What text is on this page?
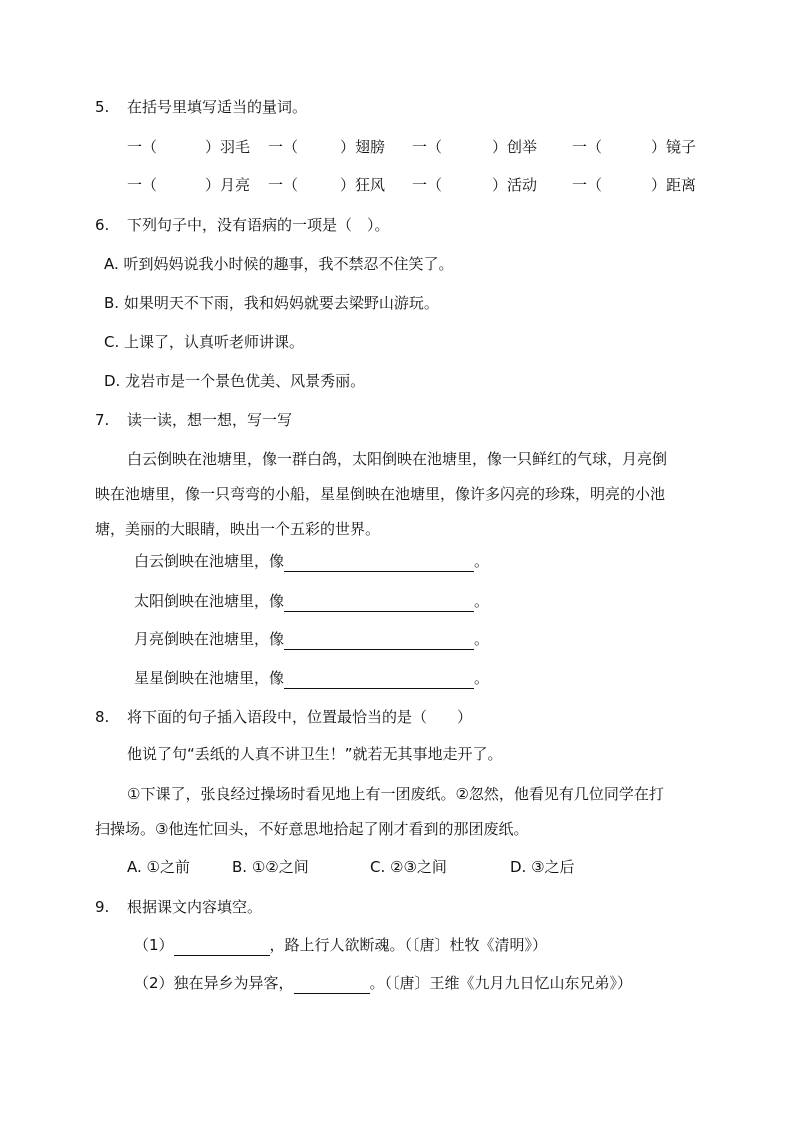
5. 在括号里填写适当的量词。
一（	）羽毛 一（	）翅膀 一（	）创举 一（	）镜子
一（	）月亮 一（	）狂风 一（	）活动 一（	）距离
6. 下列句子中，没有语病的一项是（　）。
A. 听到妈妈说我小时候的趣事，我不禁忍不住笑了。
B. 如果明天不下雨，我和妈妈就要去梁野山游玩。
C. 上课了，认真听老师讲课。
D. 龙岩市是一个景色优美、风景秀丽。
7. 读一读，想一想，写一写
白云倒映在池塘里，像一群白鸽，太阳倒映在池塘里，像一只鲜红的气球，月亮倒
映在池塘里，像一只弯弯的小船，星星倒映在池塘里，像许多闪亮的珍珠，明亮的小池
塘，美丽的大眼睛，映出一个五彩的世界。
白云倒映在池塘里，像	。
太阳倒映在池塘里，像	。
月亮倒映在池塘里，像	。
星星倒映在池塘里，像	。
8. 将下面的句子插入语段中，位置最恰当的是（　　）
他说了句“丢纸的人真不讲卫生！”就若无其事地走开了。
①下课了，张良经过操场时看见地上有一团废纸。②忽然，他看见有几位同学在打
扫操场。③他连忙回头，不好意思地拾起了刚才看到的那团废纸。
A. ①之前	B. ①②之间	C. ②③之间	D. ③之后
9. 根据课文内容填空。
（1）	，路上行人欲断魂。（〔唐〕杜牧《清明》）
（2）独在异乡为异客，	。（〔唐〕王维《九月九日忆山东兄弟》）
